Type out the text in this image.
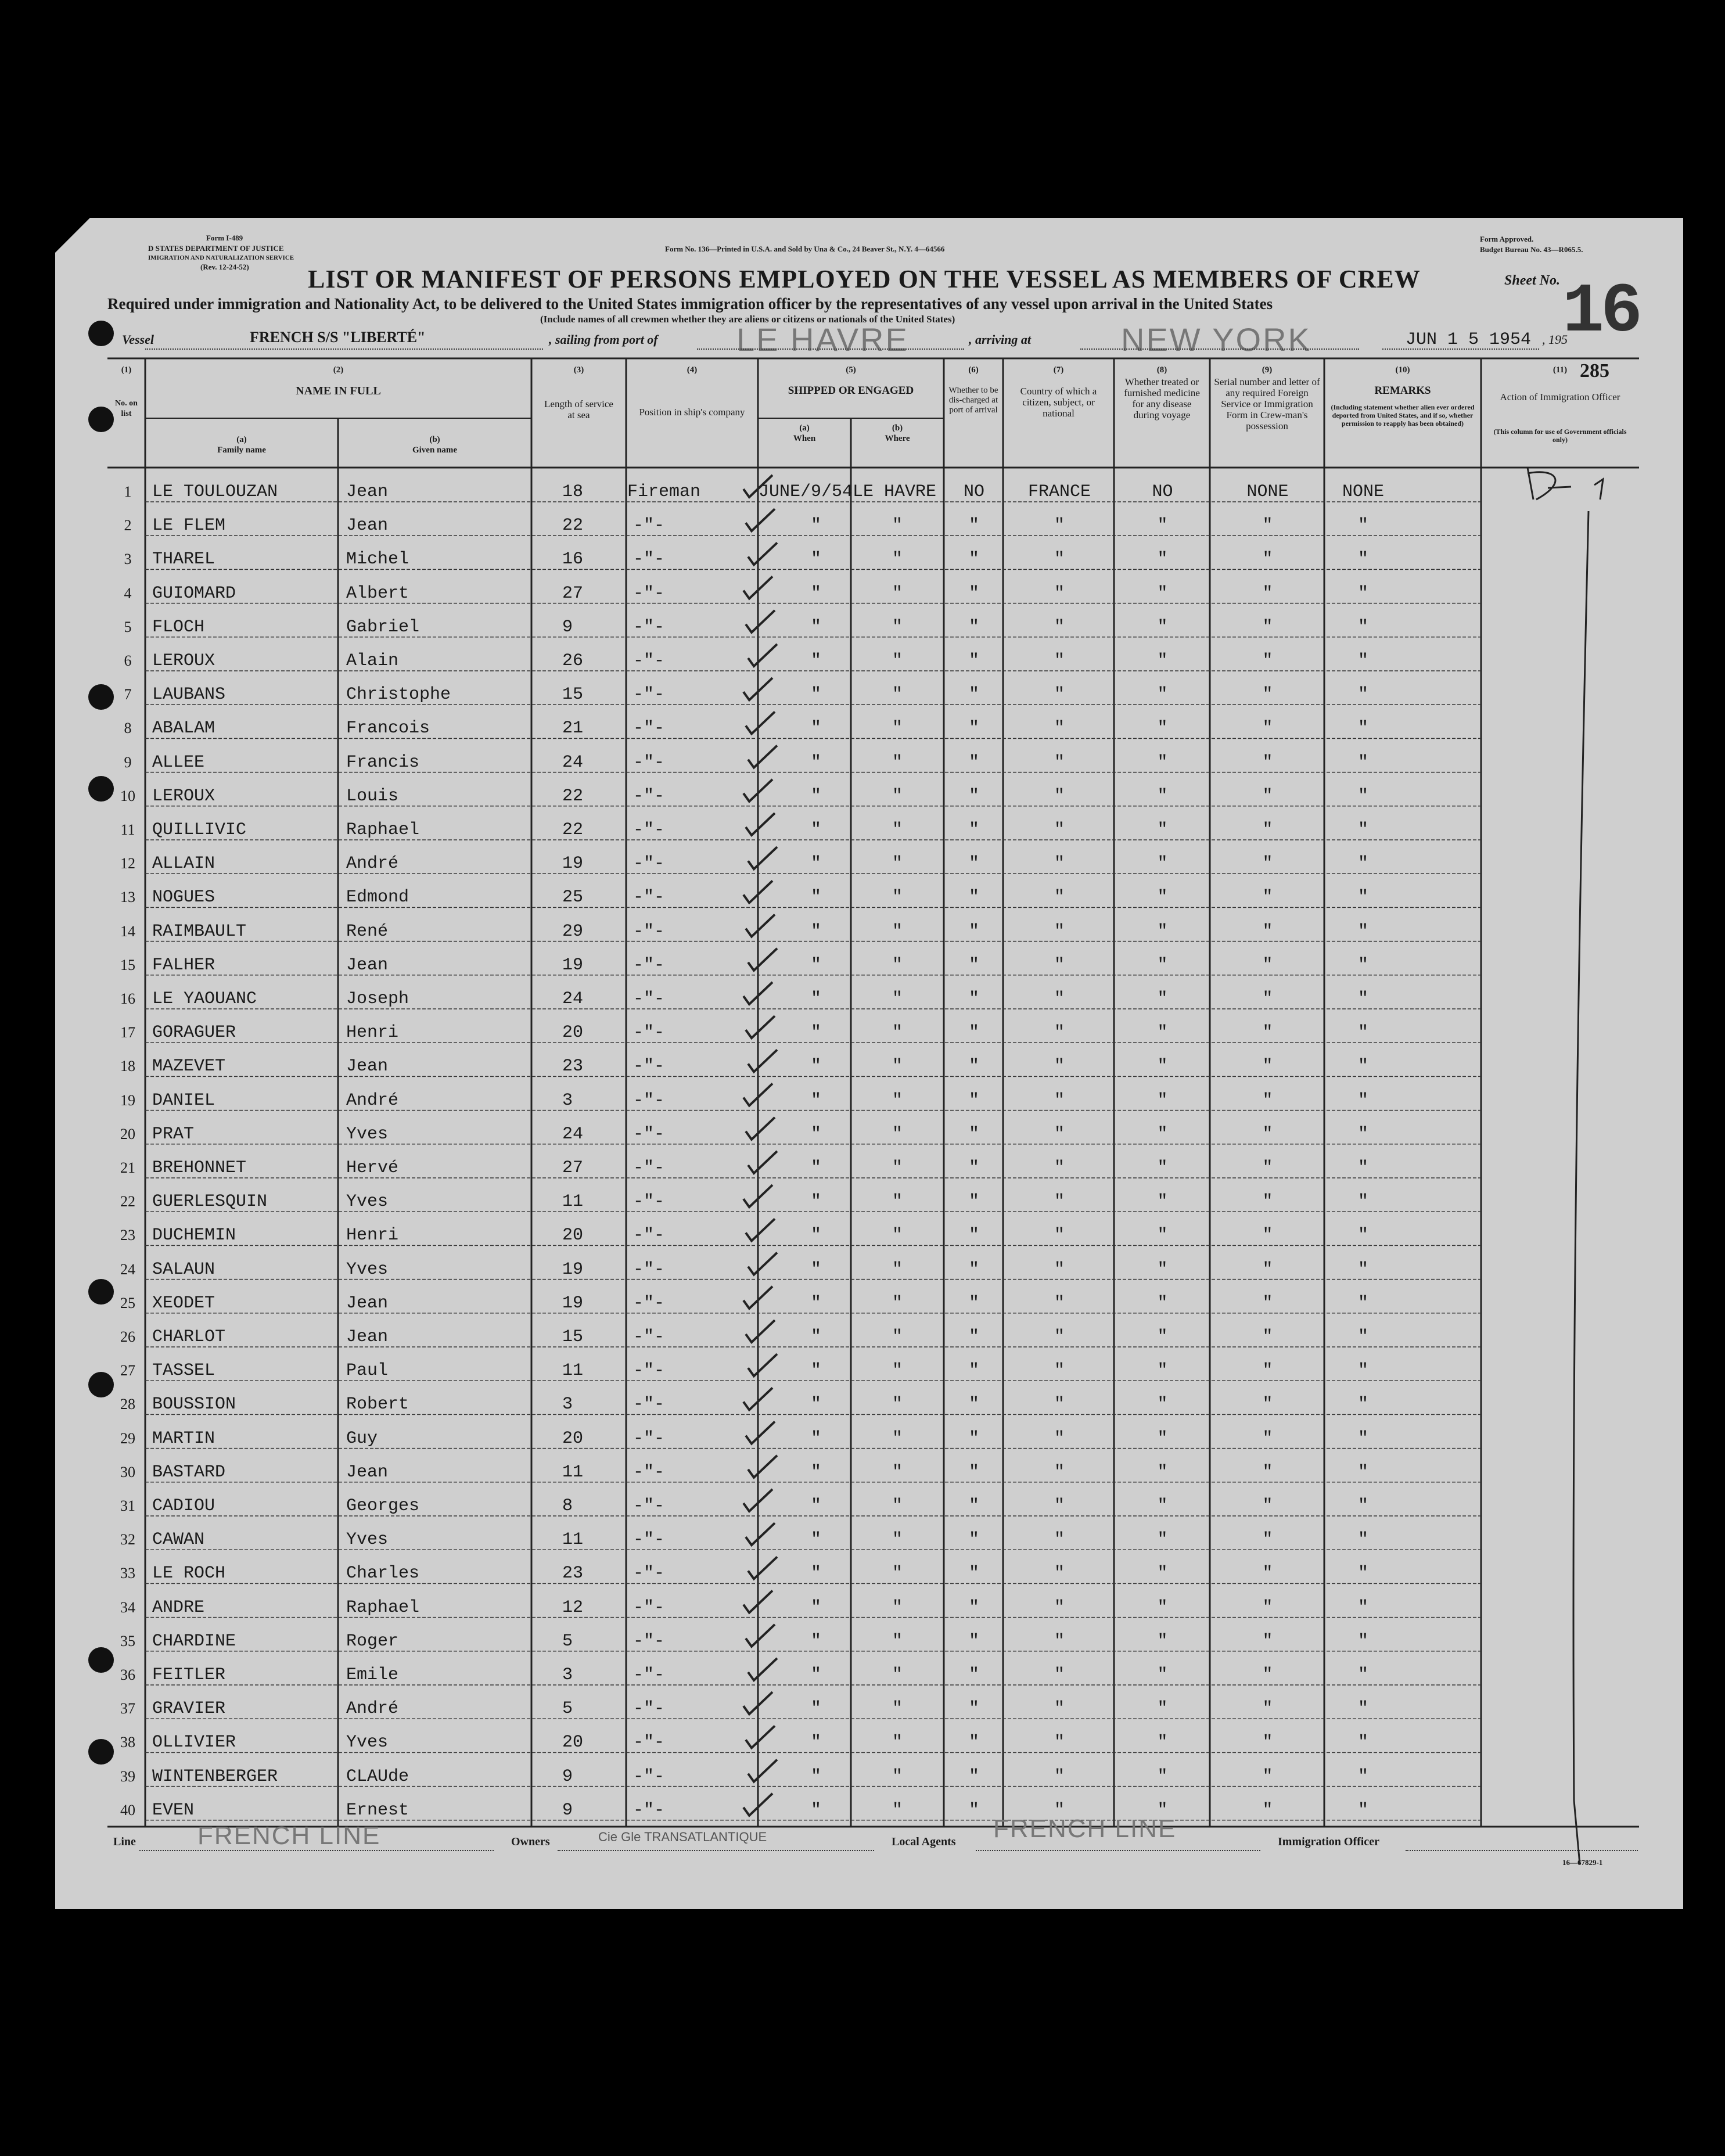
Form I-489
D STATES DEPARTMENT OF JUSTICE
IMIGRATION AND NATURALIZATION SERVICE
(Rev. 12-24-52)
Form No. 136—Printed in U.S.A. and Sold by Una & Co., 24 Beaver St., N.Y. 4—64566
Form Approved.
Budget Bureau No. 43—R065.5.
LIST OR MANIFEST OF PERSONS EMPLOYED ON THE VESSEL AS MEMBERS OF CREW
Required under immigration and Nationality Act, to be delivered to the United States immigration officer by the representatives of any vessel upon arrival in the United States
(Include names of all crewmen whether they are aliens or citizens or nationals of the United States)
Sheet No. 16
285
Vessel	FRENCH S/S "LIBERTÉ"	, sailing from port of LE HAVRE	, arriving at	NEW YORK	JUN 1 5 1954 , 195
(1)
No. on list
(2)
NAME IN FULL
(a)
Family name
(b)
Given name
(3)
Length of service at sea
(4)
Position in ship's company
(5)
SHIPPED OR ENGAGED
(a)
When
(b)
Where
(6)
Whether to be dis-charged at port of arrival
(7)
Country of which a citizen, subject, or national
(8)
Whether treated or furnished medicine for any disease during voyage
(9)
Serial number and letter of any required Foreign Service or Immigration Form in Crew-man's possession
(10)
REMARKS
(Including statement whether alien ever ordered deported from United States, and if so, whether permission to reapply has been obtained)
(11)
Action of Immigration Officer
(This column for use of Government officials only)
1	LE TOULOUZAN	Jean	18	Fireman	JUNE/9/54 LE HAVRE	NO	FRANCE	NO	NONE	NONE
2	LE FLEM	Jean	22	-"-	"	"	"	"	"	"	"
3	THAREL	Michel	16	-"-	"	"	"	"	"	"	"
4	GUIOMARD	Albert	27	-"-	"	"	"	"	"	"	"
5	FLOCH	Gabriel	9	-"-	"	"	"	"	"	"	"
6	LEROUX	Alain	26	-"-	"	"	"	"	"	"	"
7	LAUBANS	Christophe	15	-"-	"	"	"	"	"	"	"
8	ABALAM	Francois	21	-"-	"	"	"	"	"	"	"
9	ALLEE	Francis	24	-"-	"	"	"	"	"	"	"
10 LEROUX	Louis	22	-"-	"	"	"	"	"	"	"
11 QUILLIVIC	Raphael	22	-"-	"	"	"	"	"	"	"
12 ALLAIN	André	19	-"-	"	"	"	"	"	"	"
13 NOGUES	Edmond	25	-"-	"	"	"	"	"	"	"
14 RAIMBAULT	René	29	-"-	"	"	"	"	"	"	"
15 FALHER	Jean	19	-"-	"	"	"	"	"	"	"
16 LE YAOUANC	Joseph	24	-"-	"	"	"	"	"	"	"
17 GORAGUER	Henri	20	-"-	"	"	"	"	"	"	"
18 MAZEVET	Jean	23	-"-	"	"	"	"	"	"	"
19 DANIEL	André	3	-"-	"	"	"	"	"	"	"
20 PRAT	Yves	24	-"-	"	"	"	"	"	"	"
21 BREHONNET	Hervé	27	-"-	"	"	"	"	"	"	"
22 GUERLESQUIN	Yves	11	-"-	"	"	"	"	"	"	"
23 DUCHEMIN	Henri	20	-"-	"	"	"	"	"	"	"
24 SALAUN	Yves	19	-"-	"	"	"	"	"	"	"
25 XEODET	Jean	19	-"-	"	"	"	"	"	"	"
26 CHARLOT	Jean	15	-"-	"	"	"	"	"	"	"
27 TASSEL	Paul	11	-"-	"	"	"	"	"	"	"
28 BOUSSION	Robert	3	-"-	"	"	"	"	"	"	"
29 MARTIN	Guy	20	-"-	"	"	"	"	"	"	"
30 BASTARD	Jean	11	-"-	"	"	"	"	"	"	"
31 CADIOU	Georges	8	-"-	"	"	"	"	"	"	"
32 CAWAN	Yves	11	-"-	"	"	"	"	"	"	"
33 LE ROCH	Charles	23	-"-	"	"	"	"	"	"	"
34 ANDRE	Raphael	12	-"-	"	"	"	"	"	"	"
35 CHARDINE	Roger	5	-"-	"	"	"	"	"	"	"
36 FEITLER	Emile	3	-"-	"	"	"	"	"	"	"
37 GRAVIER	André	5	-"-	"	"	"	"	"	"	"
38 OLLIVIER	Yves	20	-"-	"	"	"	"	"	"	"
39 WINTENBERGER	CLAUde	9	-"-	"	"	"	"	"	"	"
40 EVEN	Ernest	9	-"-	"	"	"	"	"	"	"
Line FRENCH LINE	Owners	Cie Gle TRANSATLANTIQUE	Local Agents FRENCH LINE	Immigration Officer
16—67829-1
